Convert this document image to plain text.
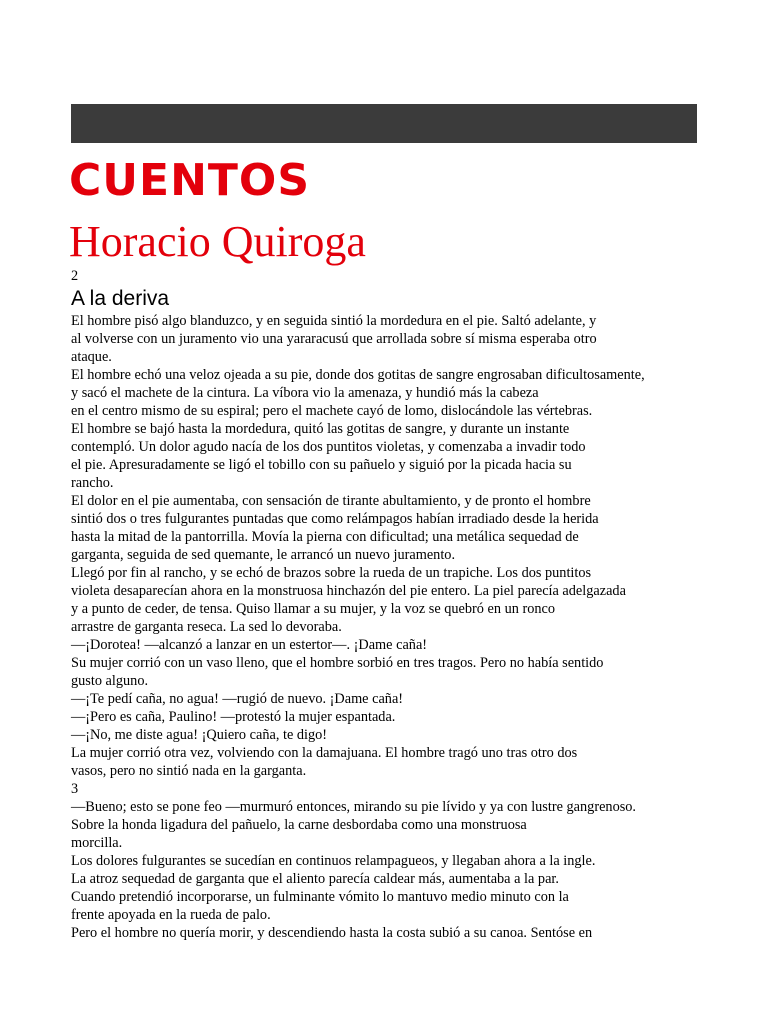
CUENTOS
Horacio Quiroga
2
A la deriva
El hombre pisó algo blanduzco, y en seguida sintió la mordedura en el pie. Saltó adelante, y
al volverse con un juramento vio una yararacusú que arrollada sobre sí misma esperaba otro
ataque.
El hombre echó una veloz ojeada a su pie, donde dos gotitas de sangre engrosaban dificultosamente,
y sacó el machete de la cintura. La víbora vio la amenaza, y hundió más la cabeza
en el centro mismo de su espiral; pero el machete cayó de lomo, dislocándole las vértebras.
El hombre se bajó hasta la mordedura, quitó las gotitas de sangre, y durante un instante
contempló. Un dolor agudo nacía de los dos puntitos violetas, y comenzaba a invadir todo
el pie. Apresuradamente se ligó el tobillo con su pañuelo y siguió por la picada hacia su
rancho.
El dolor en el pie aumentaba, con sensación de tirante abultamiento, y de pronto el hombre
sintió dos o tres fulgurantes puntadas que como relámpagos habían irradiado desde la herida
hasta la mitad de la pantorrilla. Movía la pierna con dificultad; una metálica sequedad de
garganta, seguida de sed quemante, le arrancó un nuevo juramento.
Llegó por fin al rancho, y se echó de brazos sobre la rueda de un trapiche. Los dos puntitos
violeta desaparecían ahora en la monstruosa hinchazón del pie entero. La piel parecía adelgazada
y a punto de ceder, de tensa. Quiso llamar a su mujer, y la voz se quebró en un ronco
arrastre de garganta reseca. La sed lo devoraba.
—¡Dorotea! —alcanzó a lanzar en un estertor—. ¡Dame caña!
Su mujer corrió con un vaso lleno, que el hombre sorbió en tres tragos. Pero no había sentido
gusto alguno.
—¡Te pedí caña, no agua! —rugió de nuevo. ¡Dame caña!
—¡Pero es caña, Paulino! —protestó la mujer espantada.
—¡No, me diste agua! ¡Quiero caña, te digo!
La mujer corrió otra vez, volviendo con la damajuana. El hombre tragó uno tras otro dos
vasos, pero no sintió nada en la garganta.
3
—Bueno; esto se pone feo —murmuró entonces, mirando su pie lívido y ya con lustre gangrenoso.
Sobre la honda ligadura del pañuelo, la carne desbordaba como una monstruosa
morcilla.
Los dolores fulgurantes se sucedían en continuos relampagueos, y llegaban ahora a la ingle.
La atroz sequedad de garganta que el aliento parecía caldear más, aumentaba a la par.
Cuando pretendió incorporarse, un fulminante vómito lo mantuvo medio minuto con la
frente apoyada en la rueda de palo.
Pero el hombre no quería morir, y descendiendo hasta la costa subió a su canoa. Sentóse en
